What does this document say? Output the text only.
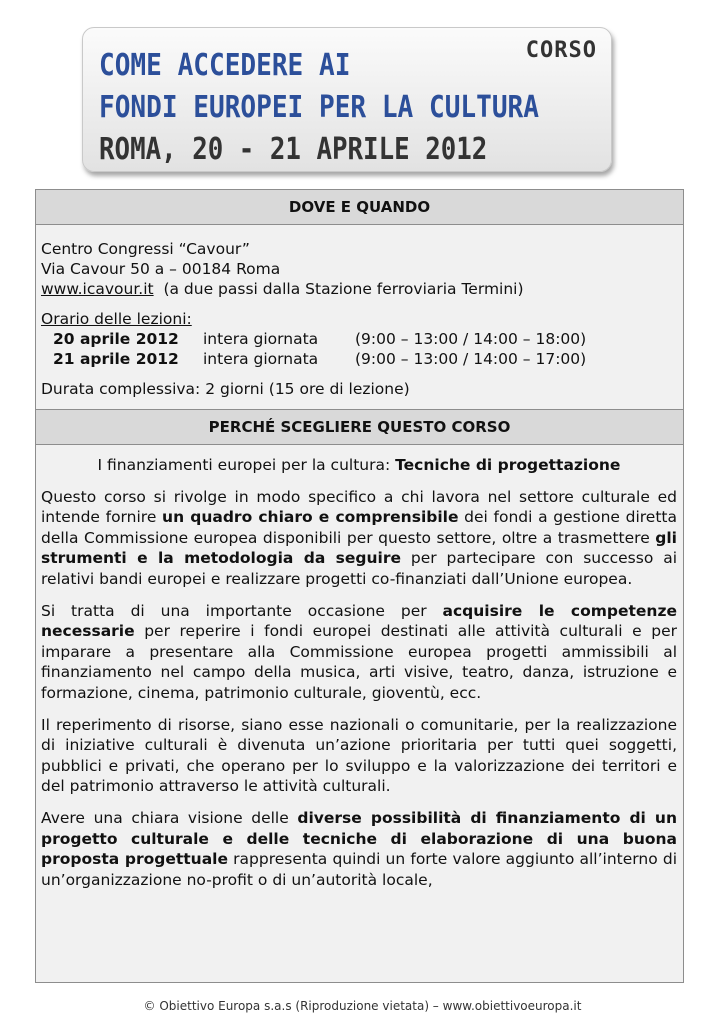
CORSO
COME ACCEDERE AI
FONDI EUROPEI PER LA CULTURA
ROMA, 20 - 21 APRILE 2012
DOVE E QUANDO

Centro Congressi “Cavour”

Via Cavour 50 a – 00184 Roma

www.icavour.it  (a due passi dalla Stazione ferroviaria Termini)

Orario delle lezioni:

20 aprile 2012	intera giornata	(9:00 – 13:00 / 14:00 – 18:00)
21 aprile 2012	intera giornata	(9:00 – 13:00 / 14:00 – 17:00)

Durata complessiva: 2 giorni (15 ore di lezione)

PERCHÉ SCEGLIERE QUESTO CORSO

I finanziamenti europei per la cultura: Tecniche di progettazione

Questo corso si rivolge in modo specifico a chi lavora nel settore culturale ed intende fornire un quadro chiaro e comprensibile dei fondi a gestione diretta della Commissione europea disponibili per questo settore, oltre a trasmettere gli strumenti e la metodologia da seguire per partecipare con successo ai relativi bandi europei e realizzare progetti co-finanziati dall’Unione europea.

Si tratta di una importante occasione per acquisire le competenze necessarie per reperire i fondi europei destinati alle attività culturali e per imparare a presentare alla Commissione europea progetti ammissibili al finanziamento nel campo della musica, arti visive, teatro, danza, istruzione e formazione, cinema, patrimonio culturale, gioventù, ecc.

Il reperimento di risorse, siano esse nazionali o comunitarie, per la realizzazione di iniziative culturali è divenuta un’azione prioritaria per tutti quei soggetti, pubblici e privati, che operano per lo sviluppo e la valorizzazione dei territori e del patrimonio attraverso le attività culturali.

Avere una chiara visione delle diverse possibilità di finanziamento di un progetto culturale e delle tecniche di elaborazione di una buona proposta progettuale rappresenta quindi un forte valore aggiunto all’interno di un’organizzazione no-profit o di un’autorità locale,

© Obiettivo Europa s.a.s (Riproduzione vietata) – www.obiettivoeuropa.it
